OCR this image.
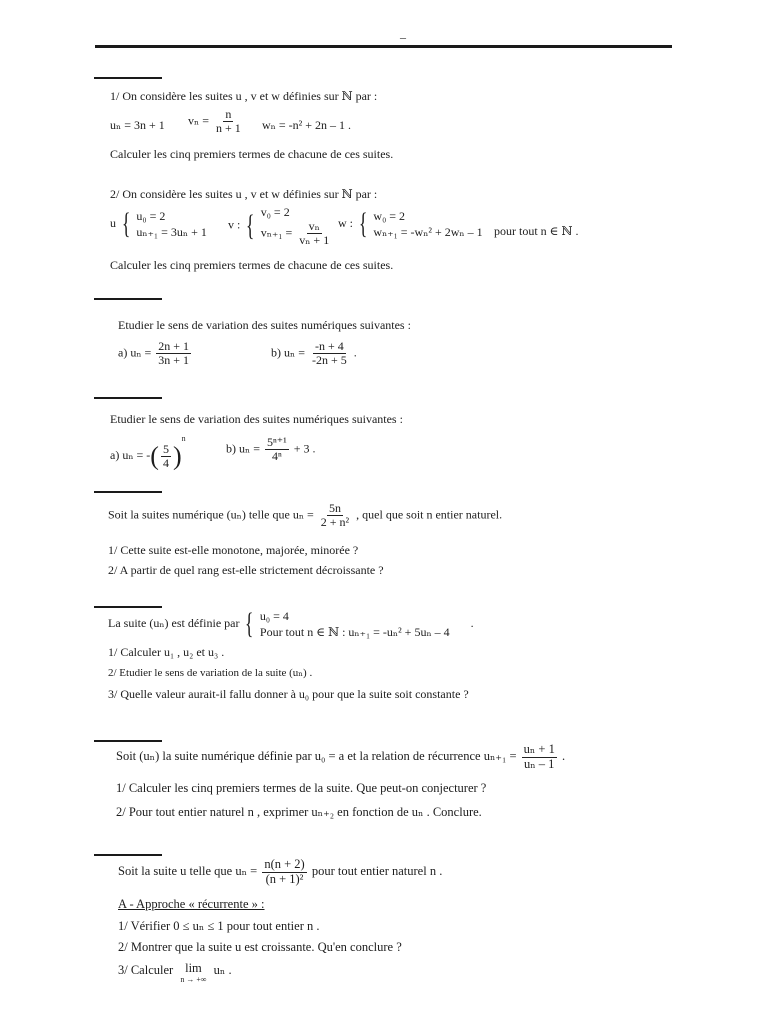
–
1/ On considère les suites u , v et w définies sur ℕ par :
uₙ = 3n + 1 $v_n = \frac{n}{n + 1}$ wₙ = -n² + 2n – 1 .
Calculer les cinq premiers termes de chacune de ces suites.
2/ On considère les suites u , v et w définies sur ℕ par :
u { u₀ = 2
uₙ₊₁ = 3uₙ + 1
v : { v₀ = 2
$v_{n+1} = \frac{\text{vₙ}}{\text{vₙ + 1}}$ w : { w₀ = 2
wₙ₊₁ = -wₙ² + 2wₙ – 1 pour tout n ∈ ℕ .
Calculer les cinq premiers termes de chacune de ces suites.
Etudier le sens de variation des suites numériques suivantes :
a) $u_n = \frac{2n + 1}{3n + 1}$	b) $u_n = \frac{-n + 4}{-2n + 5}$ .
Etudier le sens de variation des suites numériques suivantes :
a) uₙ = -( $\frac{5}{4} )^n$
b) $u_n = \frac{\text{5ⁿ⁺¹}}{\text{4ⁿ}} + 3$ .
Soit la suites numérique (uₙ) telle que $u_n = \frac{5n}{\text{2 + n²}}$ , quel que soit n entier naturel.
1/ Cette suite est-elle monotone, majorée, minorée ?
2/ A partir de quel rang est-elle strictement décroissante ?
La suite (uₙ) est définie par { u₀ = 4
Pour tout n ∈ ℕ : uₙ₊₁ = -uₙ² + 5uₙ – 4
.
1/ Calculer u₁ , u₂ et u₃ .
2/ Etudier le sens de variation de la suite (uₙ) .
3/ Quelle valeur aurait-il fallu donner à u₀ pour que la suite soit constante ?
Soit (uₙ) la suite numérique définie par u₀ = a et la relation de récurrence $u_{n+1} = \frac{\text{uₙ + 1}}{\text{uₙ – 1}}$ .
1/ Calculer les cinq premiers termes de la suite. Que peut-on conjecturer ?
2/ Pour tout entier naturel n , exprimer uₙ₊₂ en fonction de uₙ . Conclure.
Soit la suite u telle que $u_n = \frac{n(n + 2)}{\text{(n + 1)²}}$ pour tout entier naturel n .
A - Approche « récurrente » :
1/ Vérifier 0 ≤ uₙ ≤ 1 pour tout entier n .
2/ Montrer que la suite u est croissante. Qu'en conclure ?
3/ Calculer lim
n → +∞
uₙ .
